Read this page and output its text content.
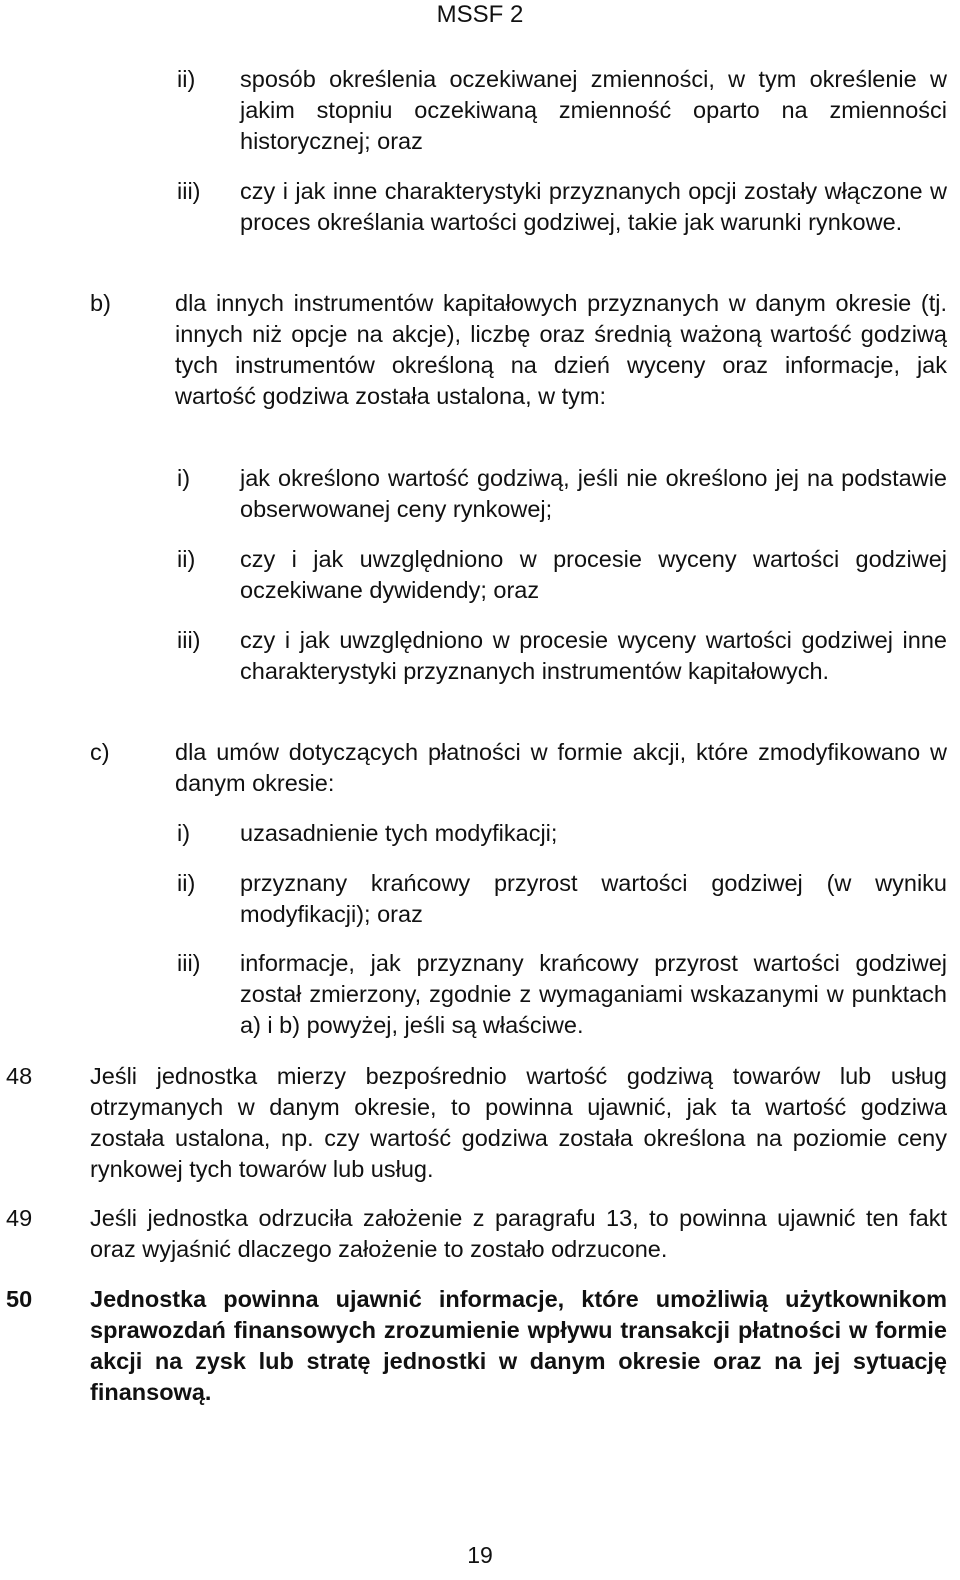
MSSF 2
ii) sposób określenia oczekiwanej zmienności, w tym określenie w jakim stopniu oczekiwaną zmienność oparto na zmienności historycznej; oraz
iii) czy i jak inne charakterystyki przyznanych opcji zostały włączone w proces określania wartości godziwej, takie jak warunki rynkowe.
b)	dla innych instrumentów kapitałowych przyznanych w danym okresie (tj. innych niż opcje na akcje), liczbę oraz średnią ważoną wartość godziwą tych instrumentów określoną na dzień wyceny oraz informacje, jak wartość godziwa została ustalona, w tym:
i) jak określono wartość godziwą, jeśli nie określono jej na podstawie obserwowanej ceny rynkowej;
ii) czy i jak uwzględniono w procesie wyceny wartości godziwej oczekiwane dywidendy; oraz
iii) czy i jak uwzględniono w procesie wyceny wartości godziwej inne charakterystyki przyznanych instrumentów kapitałowych.
c)	dla umów dotyczących płatności w formie akcji, które zmodyfikowano w danym okresie:
i) uzasadnienie tych modyfikacji;
ii) przyznany krańcowy przyrost wartości godziwej (w wyniku modyfikacji); oraz
iii) informacje, jak przyznany krańcowy przyrost wartości godziwej został zmierzony, zgodnie z wymaganiami wskazanymi w punktach a) i b) powyżej, jeśli są właściwe.
48 Jeśli jednostka mierzy bezpośrednio wartość godziwą towarów lub usług otrzymanych w danym okresie, to powinna ujawnić, jak ta wartość godziwa została ustalona, np. czy wartość godziwa została określona na poziomie ceny rynkowej tych towarów lub usług.
49 Jeśli jednostka odrzuciła założenie z paragrafu 13, to powinna ujawnić ten fakt oraz wyjaśnić dlaczego założenie to zostało odrzucone.
50 Jednostka powinna ujawnić informacje, które umożliwią użytkownikom sprawozdań finansowych zrozumienie wpływu transakcji płatności w formie akcji na zysk lub stratę jednostki w danym okresie oraz na jej sytuację finansową.
19
